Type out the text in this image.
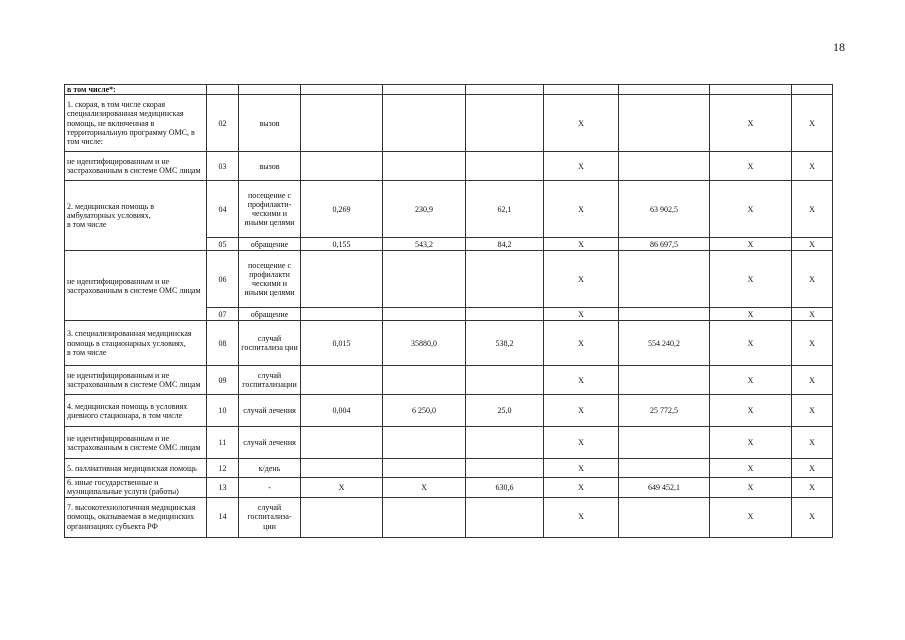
18
в том числе*:									
1. скорая, в том числе скорая специализированная медицинская помощь, не включенная в территориальную программу ОМС, в том числе:	02	вызов				X		X	X
не идентифицированным и не застрахованным в системе ОМС лицам	03	вызов				X		X	X
2. медицинская помощь в амбулаторных условиях,
в том числе	04	посещение с профилакти-ческими и иными целями	0,269	230,9	62,1	X	63 902,5	X	X
	05	обращение	0,155	543,2	84,2	X	86 697,5	X	X
не идентифицированным и не застрахованным в системе ОМС лицам	06	посещение с профилакти ческими и иными целями				X		X	X
	07	обращение				X		X	X
3. специализированная медицинская помощь в стационарных условиях,
в том числе	08	случай госпитализа ции	0,015	35880,0	538,2	X	554 240,2	X	X
не идентифицированным и не застрахованным в системе ОМС лицам	09	случай госпитализации				X		X	X
4. медицинская помощь в условиях дневного стационара, в том числе	10	случай лечения	0,004	6 250,0	25,0	X	25 772,5	X	X
не идентифицированным и не застрахованным в системе ОМС лицам	11	случай лечения				X		X	X
5. паллиативная медицинская помощь	12	к/день				X		X	X
6. иные государственные и муниципальные услуги (работы)	13	-	X	X	630,6	X	649 452,1	X	X
7. высокотехнологичная медицинская помощь, оказываемая в медицинских организациях субъекта РФ	14	случай госпитализа-ции				X		X	X
